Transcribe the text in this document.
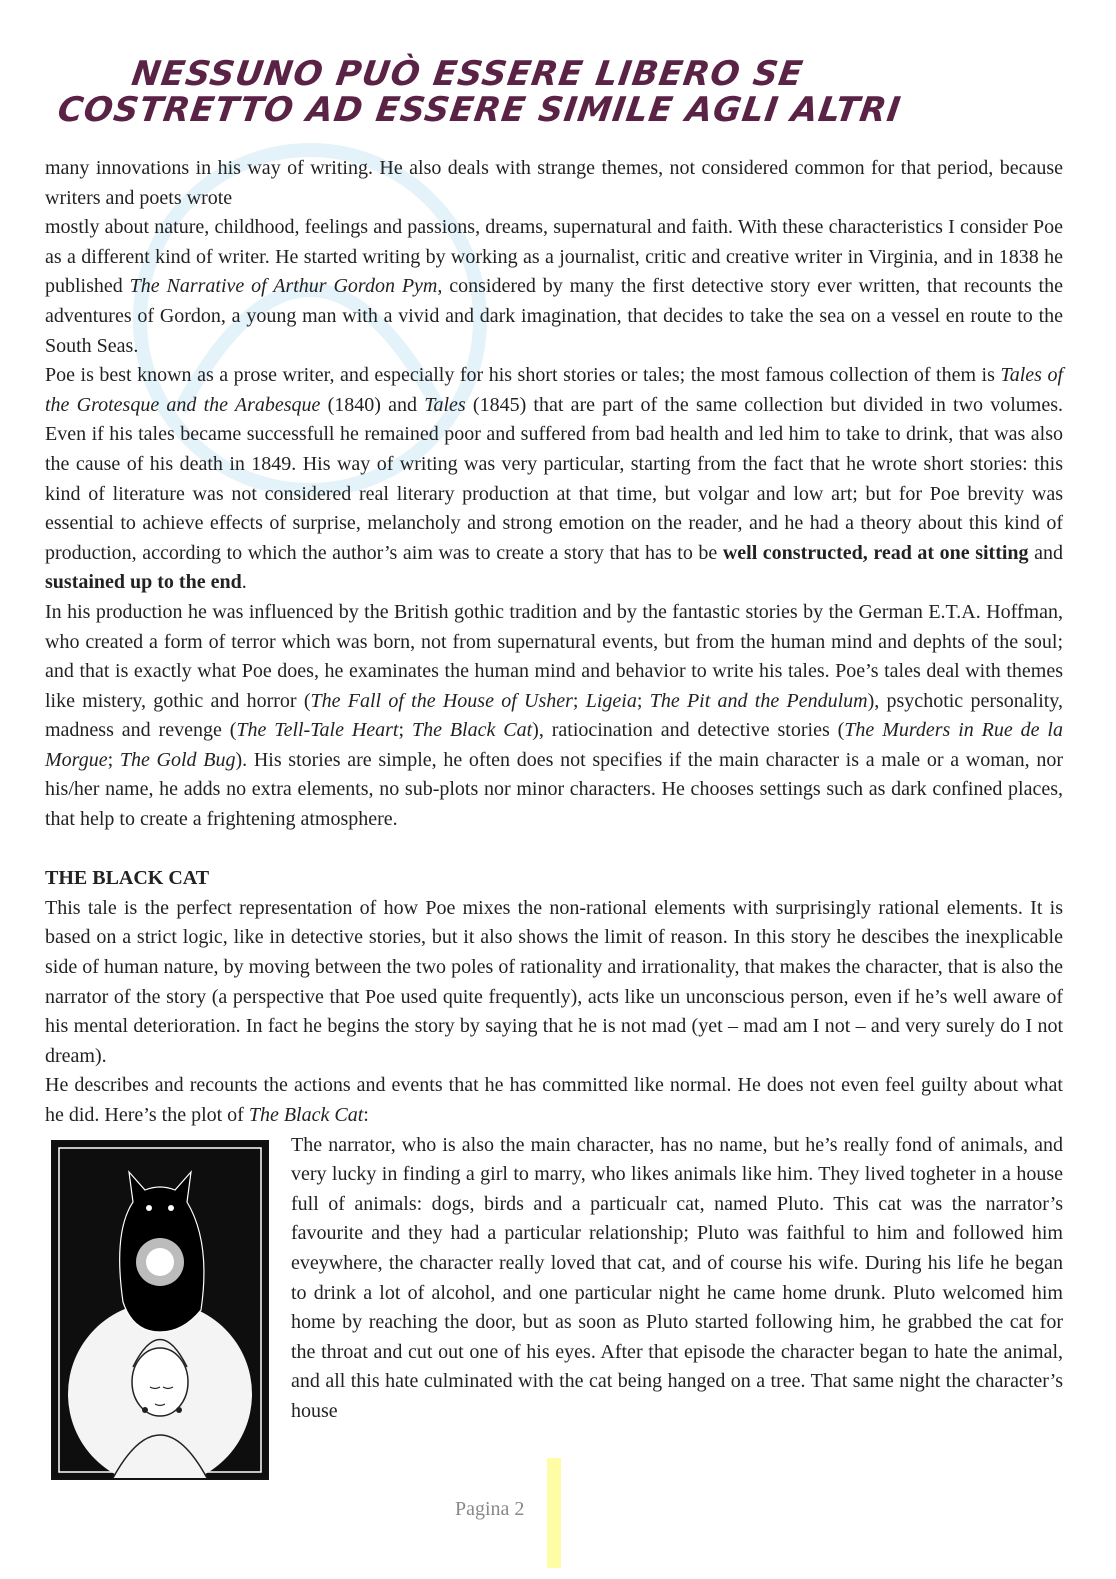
NESSUNO PUÒ ESSERE LIBERO SE
COSTRETTO AD ESSERE SIMILE AGLI ALTRI

many innovations in his way of writing. He also deals with strange themes, not considered common for that period, because writers and poets wrote

mostly about nature, childhood, feelings and passions, dreams, supernatural and faith. With these characteristics I consider Poe as a different kind of writer. He started writing by working as a journalist, critic and creative writer in Virginia, and in 1838 he published The Narrative of Arthur Gordon Pym, considered by many the first detective story ever written, that recounts the adventures of Gordon, a young man with a vivid and dark imagination, that decides to take the sea on a vessel en route to the South Seas.

Poe is best known as a prose writer, and especially for his short stories or tales; the most famous collection of them is Tales of the Grotesque and the Arabesque (1840) and Tales (1845) that are part of the same collection but divided in two volumes. Even if his tales became successfull he remained poor and suffered from bad health and led him to take to drink, that was also the cause of his death in 1849. His way of writing was very particular, starting from the fact that he wrote short stories: this kind of literature was not considered real literary production at that time, but volgar and low art; but for Poe brevity was essential to achieve effects of surprise, melancholy and strong emotion on the reader, and he had a theory about this kind of production, according to which the author’s aim was to create a story that has to be well constructed, read at one sitting and sustained up to the end.

In his production he was influenced by the British gothic tradition and by the fantastic stories by the German E.T.A. Hoffman, who created a form of terror which was born, not from supernatural events, but from the human mind and dephts of the soul; and that is exactly what Poe does, he examinates the human mind and behavior to write his tales. Poe’s tales deal with themes like mistery, gothic and horror (The Fall of the House of Usher; Ligeia; The Pit and the Pendulum), psychotic personality, madness and revenge (The Tell-Tale Heart; The Black Cat), ratiocination and detective stories (The Murders in Rue de la Morgue; The Gold Bug). His stories are simple, he often does not specifies if the main character is a male or a woman, nor his/her name, he adds no extra elements, no sub-plots nor minor characters. He chooses settings such as dark confined places, that help to create a frightening atmosphere.

THE BLACK CAT

This tale is the perfect representation of how Poe mixes the non-rational elements with surprisingly rational elements. It is based on a strict logic, like in detective stories, but it also shows the limit of reason. In this story he descibes the inexplicable side of human nature, by moving between the two poles of rationality and irrationality, that makes the character, that is also the narrator of the story (a perspective that Poe used quite frequently), acts like un unconscious person, even if he’s well aware of his mental deterioration. In fact he begins the story by saying that he is not mad (yet – mad am I not – and very surely do I not dream).

He describes and recounts the actions and events that he has committed like normal. He does not even feel guilty about what he did. Here’s the plot of The Black Cat:

The narrator, who is also the main character, has no name, but he’s really fond of animals, and very lucky in finding a girl to marry, who likes animals like him. They lived togheter in a house full of animals: dogs, birds and a particualr cat, named Pluto. This cat was the narrator’s favourite and they had a particular relationship; Pluto was faithful to him and followed him eveywhere, the character really loved that cat, and of course his wife. During his life he began to drink a lot of alcohol, and one particular night he came home drunk. Pluto welcomed him home by reaching the door, but as soon as Pluto started following him, he grabbed the cat for the throat and cut out one of his eyes. After that episode the character began to hate the animal, and all this hate culminated with the cat being hanged on a tree. That same night the character’s house

Pagina 2
